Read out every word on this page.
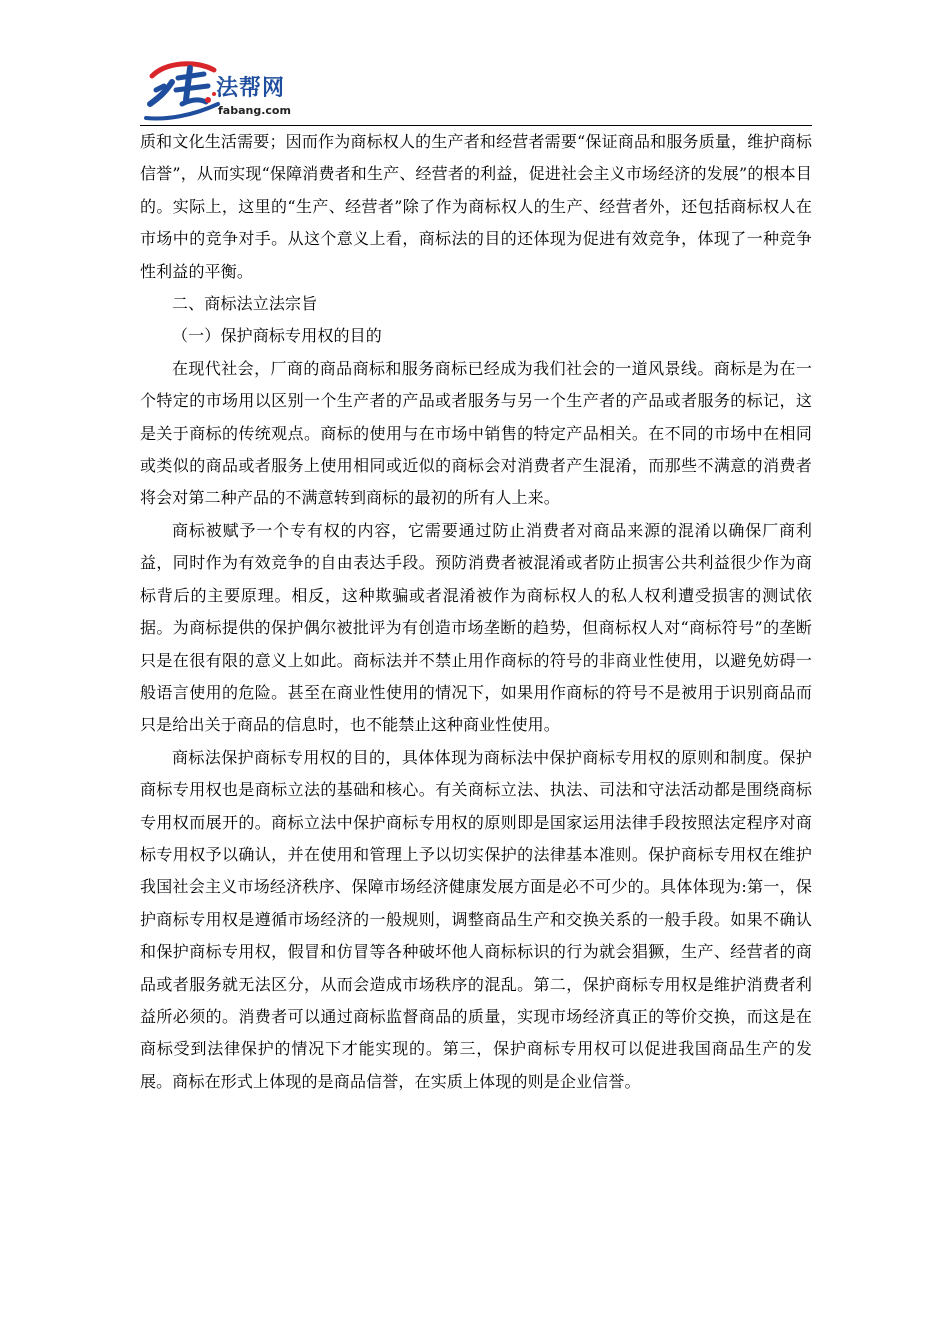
法帮网
fabang.com

质和文化生活需要；因而作为商标权人的生产者和经营者需要“保证商品和服务质量，维护商标信誉”，从而实现“保障消费者和生产、经营者的利益，促进社会主义市场经济的发展”的根本目的。实际上，这里的“生产、经营者”除了作为商标权人的生产、经营者外，还包括商标权人在市场中的竞争对手。从这个意义上看，商标法的目的还体现为促进有效竞争，体现了一种竞争性利益的平衡。

二、商标法立法宗旨

（一）保护商标专用权的目的

在现代社会，厂商的商品商标和服务商标已经成为我们社会的一道风景线。商标是为在一个特定的市场用以区别一个生产者的产品或者服务与另一个生产者的产品或者服务的标记，这是关于商标的传统观点。商标的使用与在市场中销售的特定产品相关。在不同的市场中在相同或类似的商品或者服务上使用相同或近似的商标会对消费者产生混淆，而那些不满意的消费者将会对第二种产品的不满意转到商标的最初的所有人上来。

商标被赋予一个专有权的内容，它需要通过防止消费者对商品来源的混淆以确保厂商利益，同时作为有效竞争的自由表达手段。预防消费者被混淆或者防止损害公共利益很少作为商标背后的主要原理。相反，这种欺骗或者混淆被作为商标权人的私人权利遭受损害的测试依据。为商标提供的保护偶尔被批评为有创造市场垄断的趋势，但商标权人对“商标符号”的垄断只是在很有限的意义上如此。商标法并不禁止用作商标的符号的非商业性使用，以避免妨碍一般语言使用的危险。甚至在商业性使用的情况下，如果用作商标的符号不是被用于识别商品而只是给出关于商品的信息时，也不能禁止这种商业性使用。

商标法保护商标专用权的目的，具体体现为商标法中保护商标专用权的原则和制度。保护商标专用权也是商标立法的基础和核心。有关商标立法、执法、司法和守法活动都是围绕商标专用权而展开的。商标立法中保护商标专用权的原则即是国家运用法律手段按照法定程序对商标专用权予以确认，并在使用和管理上予以切实保护的法律基本准则。保护商标专用权在维护我国社会主义市场经济秩序、保障市场经济健康发展方面是必不可少的。具体体现为:第一，保护商标专用权是遵循市场经济的一般规则，调整商品生产和交换关系的一般手段。如果不确认和保护商标专用权，假冒和仿冒等各种破坏他人商标标识的行为就会猖獗，生产、经营者的商品或者服务就无法区分，从而会造成市场秩序的混乱。第二，保护商标专用权是维护消费者利益所必须的。消费者可以通过商标监督商品的质量，实现市场经济真正的等价交换，而这是在商标受到法律保护的情况下才能实现的。第三，保护商标专用权可以促进我国商品生产的发展。商标在形式上体现的是商品信誉，在实质上体现的则是企业信誉。
